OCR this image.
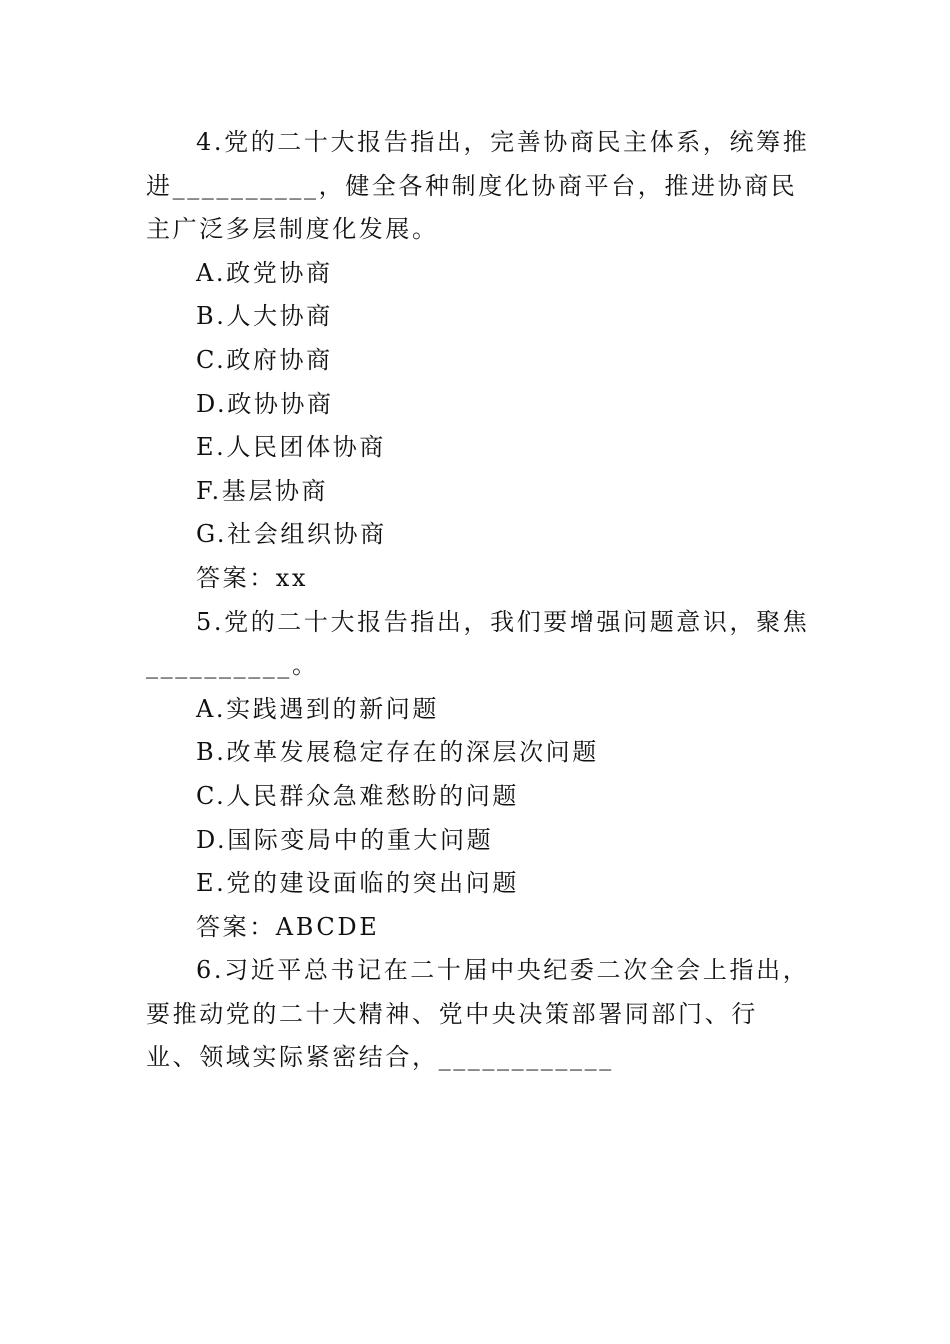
4.党的二十大报告指出，完善协商民主体系，统筹推进__________，健全各种制度化协商平台，推进协商民主广泛多层制度化发展。

A.政党协商

B.人大协商

C.政府协商

D.政协协商

E.人民团体协商

F.基层协商

G.社会组织协商

答案：xx

5.党的二十大报告指出，我们要增强问题意识，聚焦__________。

A.实践遇到的新问题

B.改革发展稳定存在的深层次问题

C.人民群众急难愁盼的问题

D.国际变局中的重大问题

E.党的建设面临的突出问题

答案：ABCDE

6.习近平总书记在二十届中央纪委二次全会上指出，要推动党的二十大精神、党中央决策部署同部门、行业、领域实际紧密结合，____________
